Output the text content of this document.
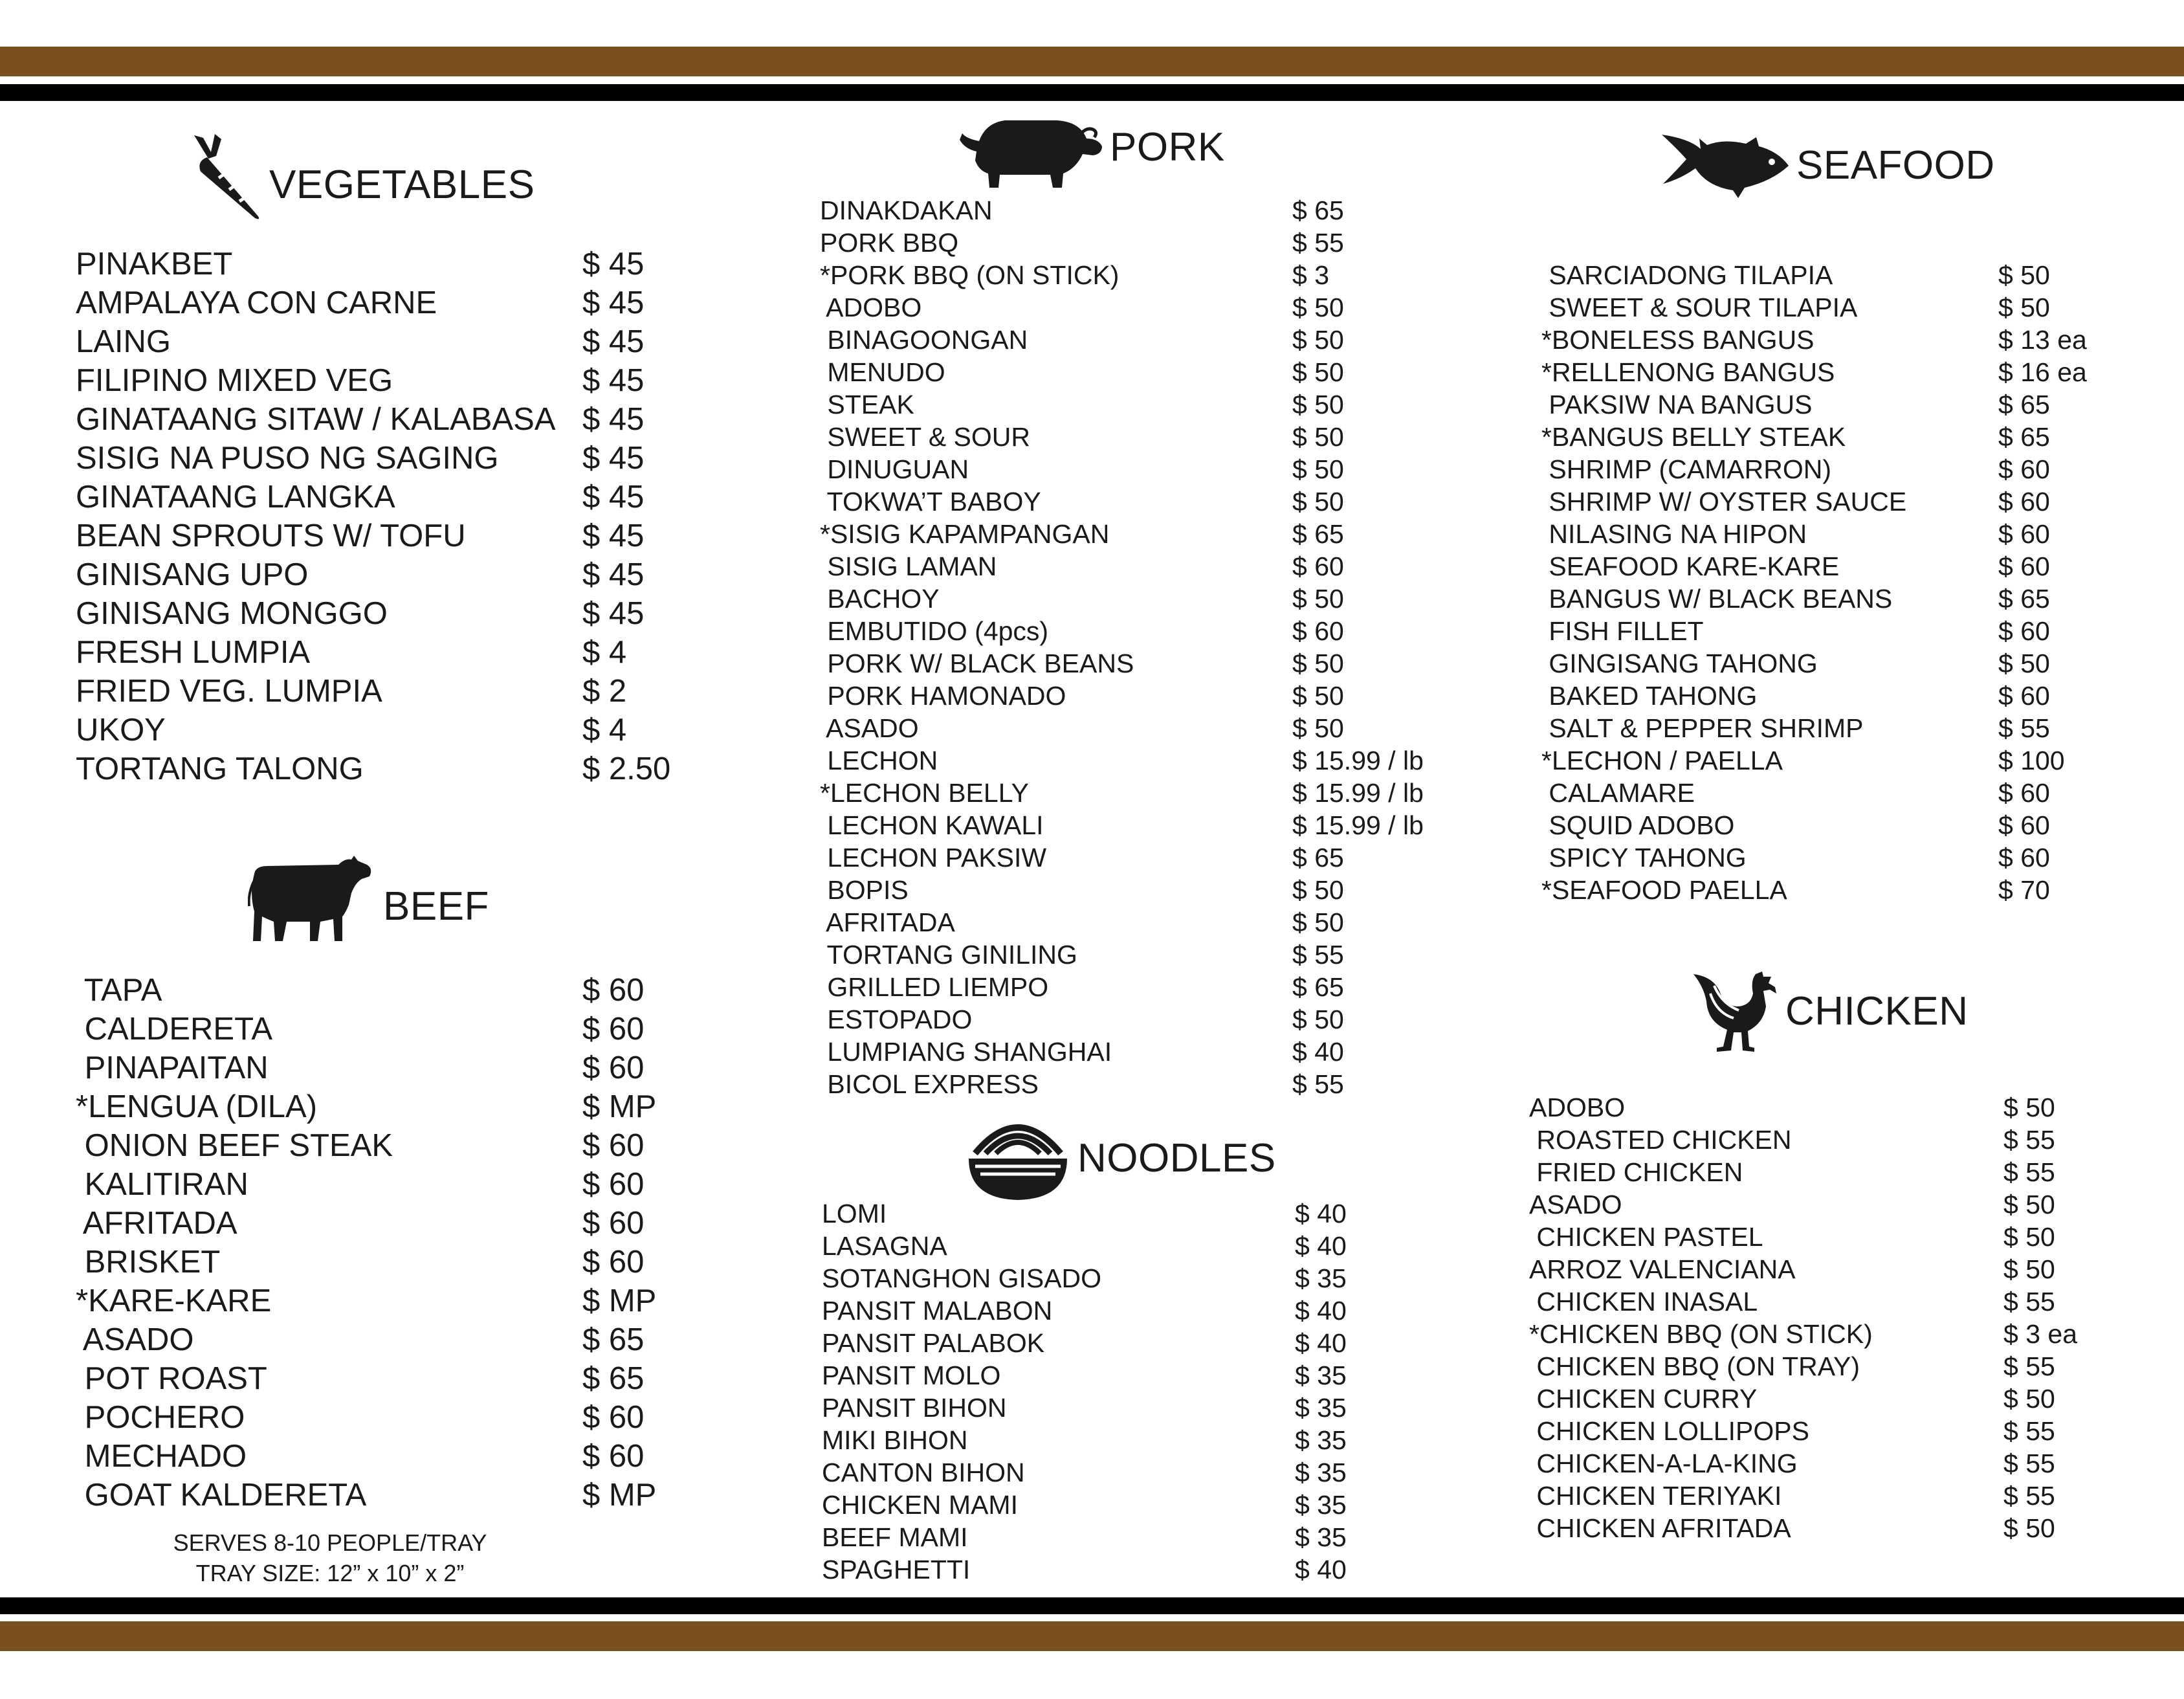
VEGETABLES
PINAKBET	$ 45
AMPALAYA CON CARNE	$ 45
LAING	$ 45
FILIPINO MIXED VEG	$ 45
GINATAANG SITAW / KALABASA $ 45
SISIG NA PUSO NG SAGING	$ 45
GINATAANG LANGKA	$ 45
BEAN SPROUTS W/ TOFU	$ 45
GINISANG UPO	$ 45
GINISANG MONGGO	$ 45
FRESH LUMPIA	$ 4
FRIED VEG. LUMPIA	$ 2
UKOY	$ 4
TORTANG TALONG	$ 2.50
BEEF
TAPA	$ 60
CALDERETA	$ 60
PINAPAITAN	$ 60
*LENGUA (DILA)	$ MP
ONION BEEF STEAK	$ 60
KALITIRAN	$ 60
AFRITADA	$ 60
BRISKET	$ 60
*KARE-KARE	$ MP
ASADO	$ 65
POT ROAST	$ 65
POCHERO	$ 60
MECHADO	$ 60
GOAT KALDERETA	$ MP
SERVES 8-10 PEOPLE/TRAY
TRAY SIZE: 12” x 10” x 2”
PORK
DINAKDAKAN	$ 65
PORK BBQ	$ 55
*PORK BBQ (ON STICK)	$ 3
ADOBO	$ 50
BINAGOONGAN	$ 50
MENUDO	$ 50
STEAK	$ 50
SWEET & SOUR	$ 50
DINUGUAN	$ 50
TOKWA’T BABOY	$ 50
*SISIG KAPAMPANGAN	$ 65
SISIG LAMAN	$ 60
BACHOY	$ 50
EMBUTIDO (4pcs)	$ 60
PORK W/ BLACK BEANS	$ 50
PORK HAMONADO	$ 50
ASADO	$ 50
LECHON	$ 15.99 / lb
*LECHON BELLY	$ 15.99 / lb
LECHON KAWALI	$ 15.99 / lb
LECHON PAKSIW	$ 65
BOPIS	$ 50
AFRITADA	$ 50
TORTANG GINILING	$ 55
GRILLED LIEMPO	$ 65
ESTOPADO	$ 50
LUMPIANG SHANGHAI	$ 40
BICOL EXPRESS	$ 55
NOODLES
LOMI	$ 40
LASAGNA	$ 40
SOTANGHON GISADO	$ 35
PANSIT MALABON	$ 40
PANSIT PALABOK	$ 40
PANSIT MOLO	$ 35
PANSIT BIHON	$ 35
MIKI BIHON	$ 35
CANTON BIHON	$ 35
CHICKEN MAMI	$ 35
BEEF MAMI	$ 35
SPAGHETTI	$ 40
SEAFOOD
SARCIADONG TILAPIA	$ 50
SWEET & SOUR TILAPIA	$ 50
*BONELESS BANGUS	$ 13 ea
*RELLENONG BANGUS	$ 16 ea
PAKSIW NA BANGUS	$ 65
*BANGUS BELLY STEAK	$ 65
SHRIMP (CAMARRON)	$ 60
SHRIMP W/ OYSTER SAUCE	$ 60
NILASING NA HIPON	$ 60
SEAFOOD KARE-KARE	$ 60
BANGUS W/ BLACK BEANS	$ 65
FISH FILLET	$ 60
GINGISANG TAHONG	$ 50
BAKED TAHONG	$ 60
SALT & PEPPER SHRIMP	$ 55
*LECHON / PAELLA	$ 100
CALAMARE	$ 60
SQUID ADOBO	$ 60
SPICY TAHONG	$ 60
*SEAFOOD PAELLA	$ 70
CHICKEN
ADOBO	$ 50
ROASTED CHICKEN	$ 55
FRIED CHICKEN	$ 55
ASADO	$ 50
CHICKEN PASTEL	$ 50
ARROZ VALENCIANA	$ 50
CHICKEN INASAL	$ 55
*CHICKEN BBQ (ON STICK)	$ 3 ea
CHICKEN BBQ (ON TRAY)	$ 55
CHICKEN CURRY	$ 50
CHICKEN LOLLIPOPS	$ 55
CHICKEN-A-LA-KING	$ 55
CHICKEN TERIYAKI	$ 55
CHICKEN AFRITADA	$ 50
